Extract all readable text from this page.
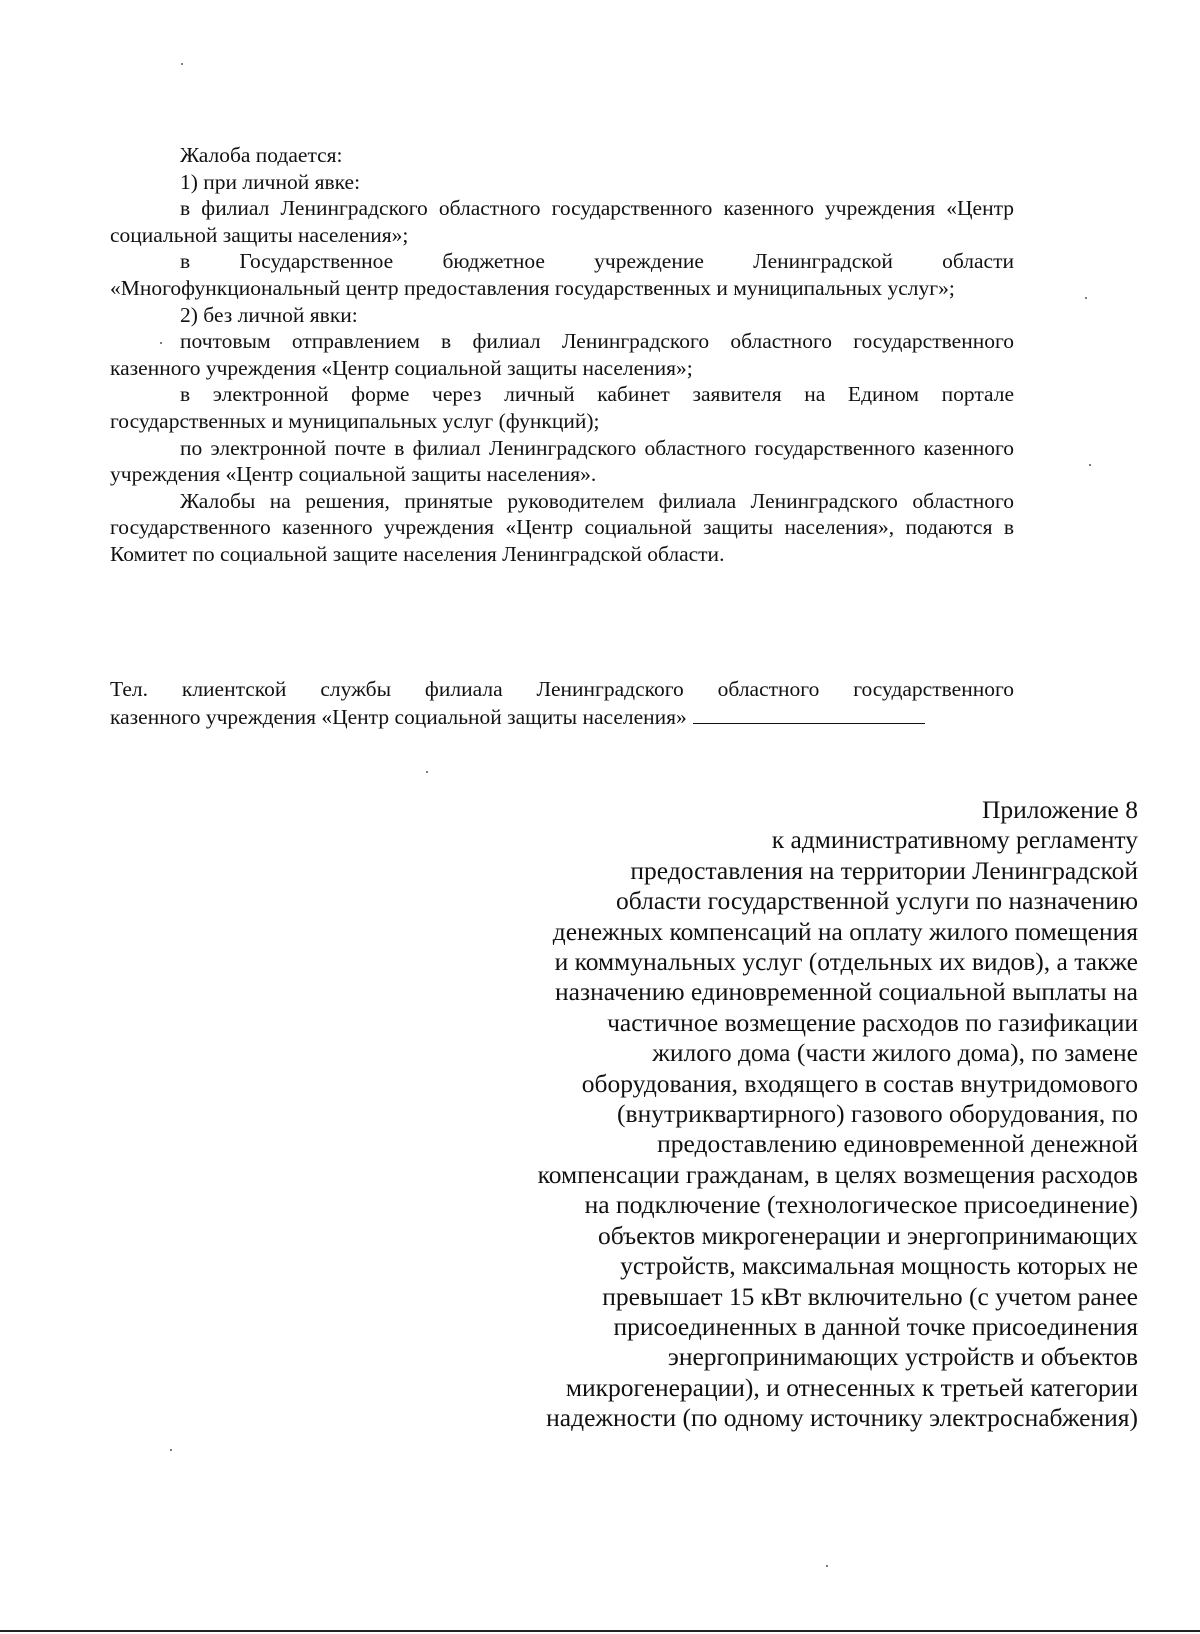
Жалоба подается:

1) при личной явке:

в филиал Ленинградского областного государственного казенного учреждения «Центр социальной защиты населения»;

в Государственное бюджетное учреждение Ленинградской области «Многофункциональный центр предоставления государственных и муниципальных услуг»;

2) без личной явки:

почтовым отправлением в филиал Ленинградского областного государственного казенного учреждения «Центр социальной защиты населения»;

в электронной форме через личный кабинет заявителя на Едином портале государственных и муниципальных услуг (функций);

по электронной почте в филиал Ленинградского областного государственного казенного учреждения «Центр социальной защиты населения».

Жалобы на решения, принятые руководителем филиала Ленинградского областного государственного казенного учреждения «Центр социальной защиты населения», подаются в Комитет по социальной защите населения Ленинградской области.

Тел. клиентской службы филиала Ленинградского областного государственного

казенного учреждения «Центр социальной защиты населения»

Приложение 8
к административному регламенту
предоставления на территории Ленинградской
области государственной услуги по назначению
денежных компенсаций на оплату жилого помещения
и коммунальных услуг (отдельных их видов), а также
назначению единовременной социальной выплаты на
частичное возмещение расходов по газификации
жилого дома (части жилого дома), по замене
оборудования, входящего в состав внутридомового
(внутриквартирного) газового оборудования, по
предоставлению единовременной денежной
компенсации гражданам, в целях возмещения расходов
на подключение (технологическое присоединение)
объектов микрогенерации и энергопринимающих
устройств, максимальная мощность которых не
превышает 15 кВт включительно (с учетом ранее
присоединенных в данной точке присоединения
энергопринимающих устройств и объектов
микрогенерации), и отнесенных к третьей категории
надежности (по одному источнику электроснабжения)
